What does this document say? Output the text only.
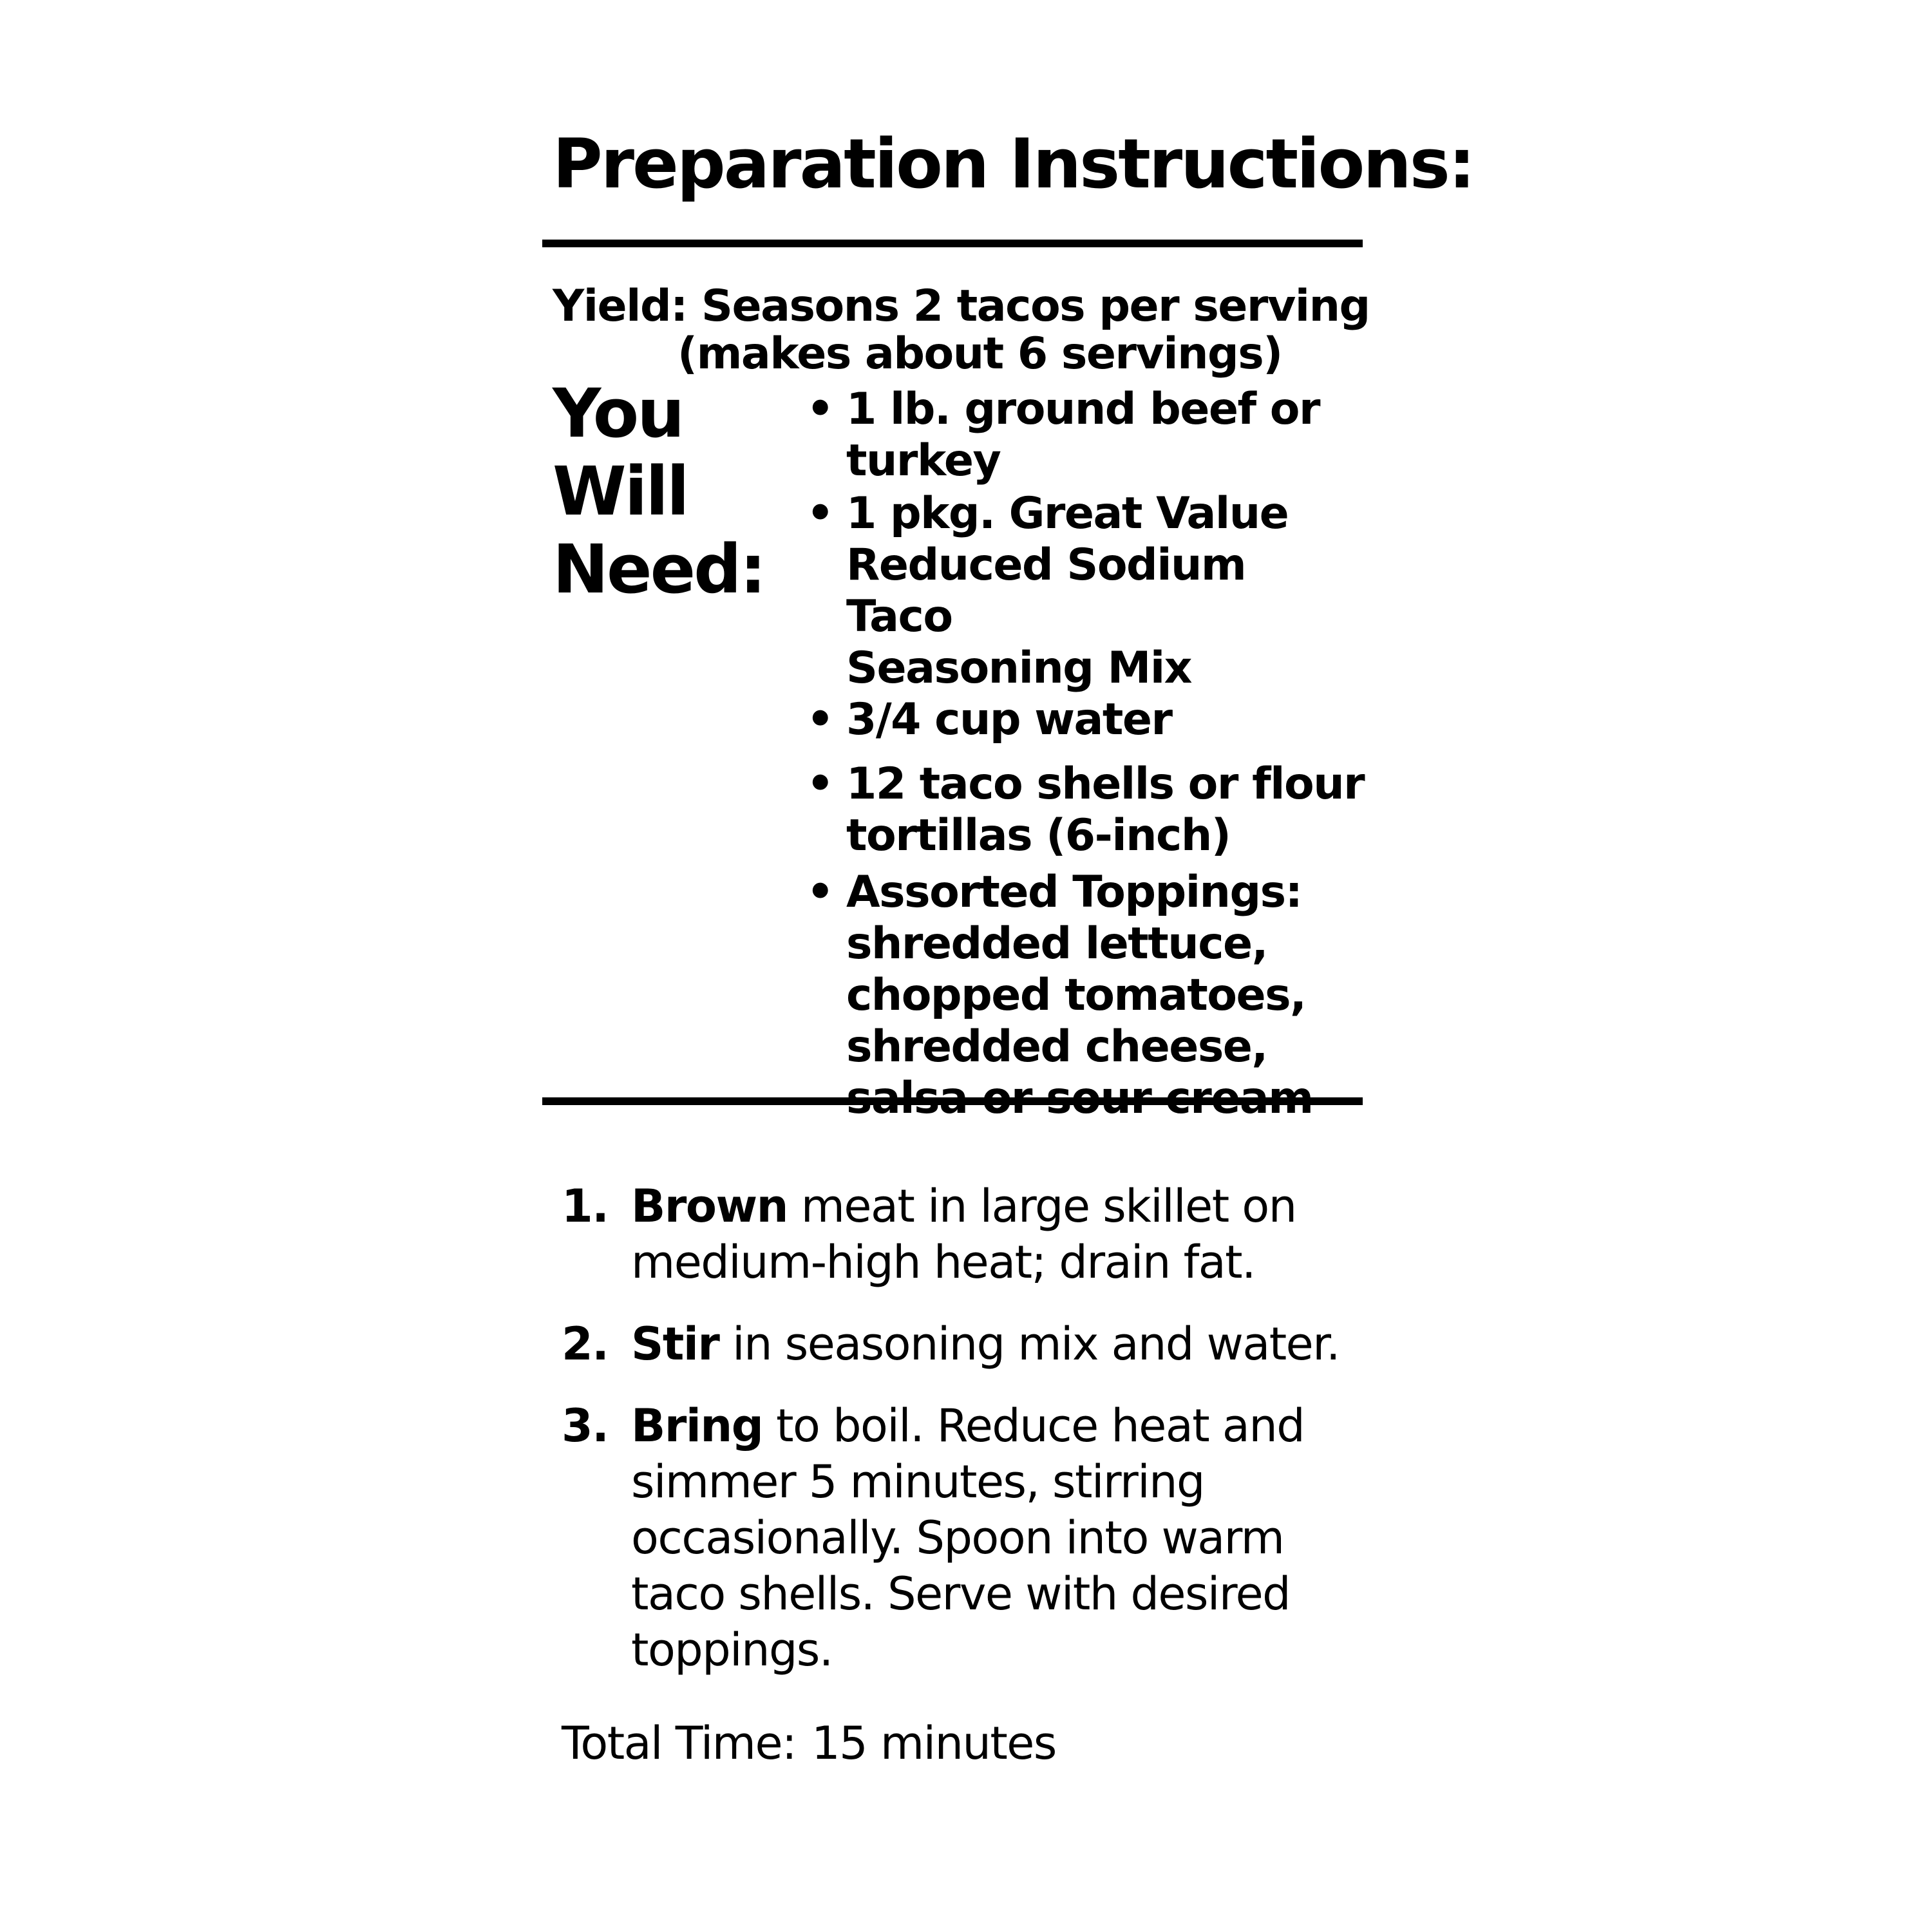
Preparation Instructions:
Yield: Seasons 2 tacos per serving
(makes about 6 servings)
You
Will
Need:
• 1 lb. ground beef or
turkey
• 1 pkg. Great Value
Reduced Sodium Taco
Seasoning Mix
• 3/4 cup water
• 12 taco shells or flour
tortillas (6-inch)
• Assorted Toppings:
shredded lettuce,
chopped tomatoes,
shredded cheese,

1. Brown meat in large skillet on
medium-high heat; drain fat.
2. Stir in seasoning mix and water.
3. Bring to boil. Reduce heat and
simmer 5 minutes, stirring
occasionally. Spoon into warm
taco shells. Serve with desired
toppings.
Total Time: 15 minutes
